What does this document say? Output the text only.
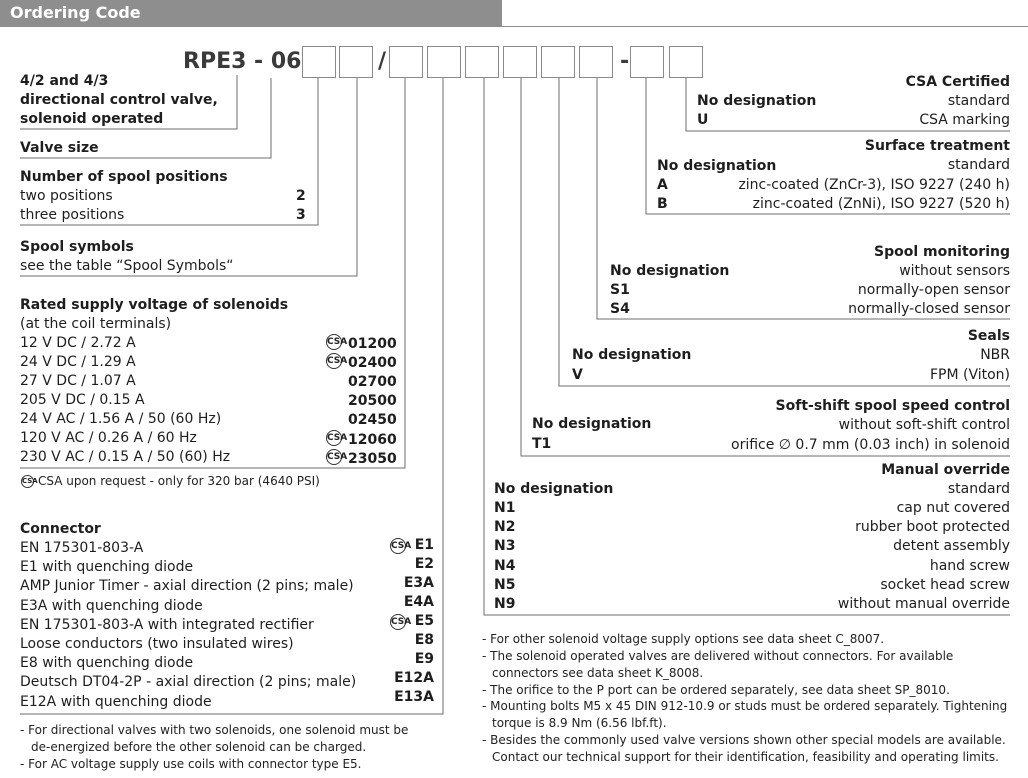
Ordering Code
RPE3 - 06	/	-
4/2 and 4/3
directional control valve,
solenoid operated
Valve size
Number of spool positions
two positions	2
three positions	3
Spool symbols
see the table “Spool Symbols“
Rated supply voltage of solenoids
(at the coil terminals)
12 V DC / 2.72 A	CSA 01200
24 V DC / 1.29 A	CSA 02400
27 V DC / 1.07 A	02700
205 V DC / 0.15 A	20500
24 V AC / 1.56 A / 50 (60 Hz)	02450
120 V AC / 0.26 A / 60 Hz	CSA 12060
230 V AC / 0.15 A / 50 (60) Hz	CSA 23050
CSA CSA upon request - only for 320 bar (4640 PSI)
Connector
EN 175301-803-A	CSA E1
E1 with quenching diode	E2
AMP Junior Timer - axial direction (2 pins; male)	E3A
E3A with quenching diode	E4A
EN 175301-803-A with integrated rectifier	CSA E5
Loose conductors (two insulated wires)	E8
E8 with quenching diode	E9
Deutsch DT04-2P - axial direction (2 pins; male)	E12A
E12A with quenching diode	E13A
- For directional valves with two solenoids, one solenoid must be
de-energized before the other solenoid can be charged.
- For AC voltage supply use coils with connector type E5.
CSA Certified
No designation	standard
U	CSA marking
Surface treatment
No designation	standard
A	zinc-coated (ZnCr-3), ISO 9227 (240 h)
B	zinc-coated (ZnNi), ISO 9227 (520 h)
Spool monitoring
No designation	without sensors
S1	normally-open sensor
S4	normally-closed sensor
Seals
No designation	NBR
V	FPM (Viton)
Soft-shift spool speed control
No designation	without soft-shift control
T1	orifice ∅ 0.7 mm (0.03 inch) in solenoid
Manual override
No designation	standard
N1	cap nut covered
N2	rubber boot protected
N3	detent assembly
N4	hand screw
N5	socket head screw
N9	without manual override
- For other solenoid voltage supply options see data sheet C_8007.
- The solenoid operated valves are delivered without connectors. For available
connectors see data sheet K_8008.
- The orifice to the P port can be ordered separately, see data sheet SP_8010.
- Mounting bolts M5 x 45 DIN 912-10.9 or studs must be ordered separately. Tightening
torque is 8.9 Nm (6.56 lbf.ft).
- Besides the commonly used valve versions shown other special models are available.
Contact our technical support for their identification, feasibility and operating limits.
